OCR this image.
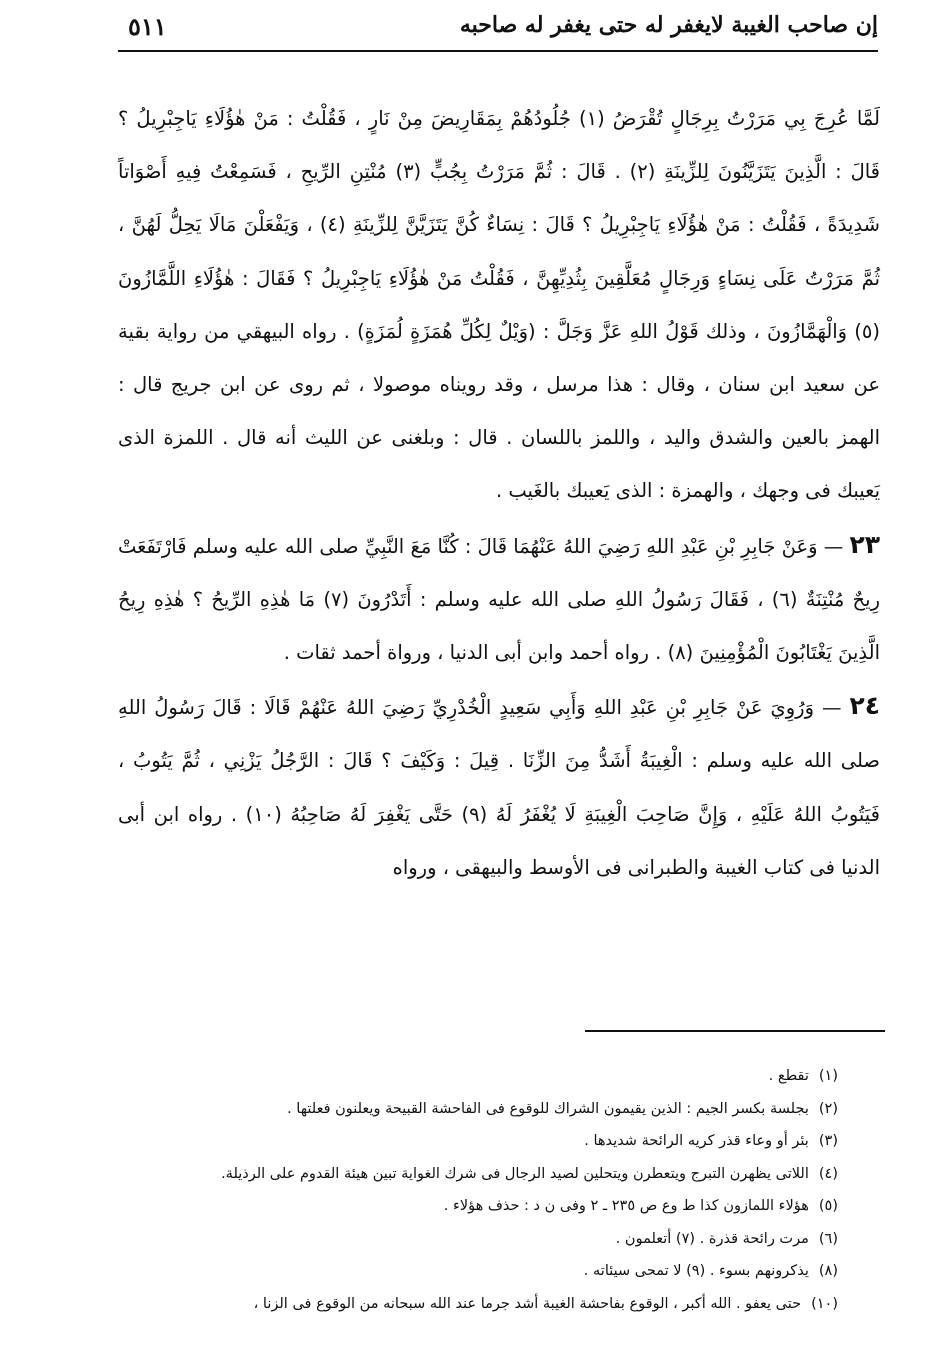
إن صاحب الغيبة لايغفر له حتى يغفر له صاحبه
٥١١

لَمَّا عُرِجَ بِي مَرَرْتُ بِرِجَالٍ تُقْرَضُ (١) جُلُودُهُمْ بِمَقَارِيضَ مِنْ نَارٍ ، فَقُلْتُ : مَنْ هٰؤُلَاءِ يَاجِبْرِيلُ ؟ قَالَ : الَّذِينَ يَتَزَيَّنُونَ لِلزِّينَةِ (٢) . قَالَ : ثُمَّ مَرَرْتُ بِجُبٍّ (٣) مُنْتِنِ الرِّيحِ ، فَسَمِعْتُ فِيهِ أَصْوَاتاً شَدِيدَةً ، فَقُلْتُ : مَنْ هٰؤُلَاءِ يَاجِبْرِيلُ ؟ قَالَ : نِسَاءٌ كُنَّ يَتَزَيَّنَّ لِلزِّينَةِ (٤) ، وَيَفْعَلْنَ مَالَا يَحِلُّ لَهُنَّ ، ثُمَّ مَرَرْتُ عَلَى نِسَاءٍ وَرِجَالٍ مُعَلَّقِينَ بِثُدِيِّهِنَّ ، فَقُلْتُ مَنْ هٰؤُلَاءِ يَاجِبْرِيلُ ؟ فَقَالَ : هٰؤُلَاءِ اللَّمَّازُونَ (٥) وَالْهَمَّازُونَ ، وذلك قَوْلُ اللهِ عَزَّ وَجَلَّ : (وَيْلٌ لِكُلِّ هُمَزَةٍ لُمَزَةٍ) . رواه البيهقي من رواية بقية عن سعيد ابن سنان ، وقال : هذا مرسل ، وقد رويناه موصولا ، ثم روى عن ابن جريج قال : الهمز بالعين والشدق واليد ، واللمز باللسان . قال : وبلغنى عن الليث أنه قال . اللمزة الذى يَعيبك فى وجهك ، والهمزة : الذى يَعيبك بالغَيب .

٢٣ — وَعَنْ جَابِرِ بْنِ عَبْدِ اللهِ رَضِيَ اللهُ عَنْهُمَا قَالَ : كُنَّا مَعَ النَّبِيِّ صلى الله عليه وسلم فَارْتَفَعَتْ رِيحٌ مُنْتِنَةٌ (٦) ، فَقَالَ رَسُولُ اللهِ صلى الله عليه وسلم : أَتَدْرُونَ (٧) مَا هٰذِهِ الرِّيحُ ؟ هٰذِهِ رِيحُ الَّذِينَ يَغْتَابُونَ الْمُؤْمِنِينَ (٨) . رواه أحمد وابن أبى الدنيا ، ورواة أحمد ثقات .

٢٤ — وَرُوِيَ عَنْ جَابِرِ بْنِ عَبْدِ اللهِ وَأَبِي سَعِيدٍ الْخُدْرِيِّ رَضِيَ اللهُ عَنْهُمْ قَالَا : قَالَ رَسُولُ اللهِ صلى الله عليه وسلم : الْغِيبَةُ أَشَدُّ مِنَ الزِّنَا . قِيلَ : وَكَيْفَ ؟ قَالَ : الرَّجُلُ يَزْنِي ، ثُمَّ يَتُوبُ ، فَيَتُوبُ اللهُ عَلَيْهِ ، وَإِنَّ صَاحِبَ الْغِيبَةِ لَا يُغْفَرُ لَهُ (٩) حَتَّى يَغْفِرَ لَهُ صَاحِبُهُ (١٠) . رواه ابن أبى الدنيا فى كتاب الغيبة والطبرانى فى الأوسط والبيهقى ، ورواه

(١)تقطع .
(٢)بجلسة بكسر الجيم : الذين يقيمون الشراك للوقوع فى الفاحشة القبيحة ويعلنون فعلتها .
(٣)بئر أو وعاء قذر كريه الرائحة شديدها .
(٤)اللاتى يظهرن التبرج ويتعطرن ويتحلين لصيد الرجال فى شرك الغواية تبين هيئة القدوم على الرذيلة.
(٥)هؤلاء اللمازون كذا ط وع ص ٢٣٥ ـ ٢ وفى ن د : حذف هؤلاء .
(٦)مرت رائحة قذرة . (٧) أتعلمون .
(٨)يذكرونهم بسوء . (٩) لا تمحى سيئاته .
(١٠)حتى يعفو . الله أكبر ، الوقوع بفاحشة الغيبة أشد جرما عند الله سبحانه من الوقوع فى الزنا ،
